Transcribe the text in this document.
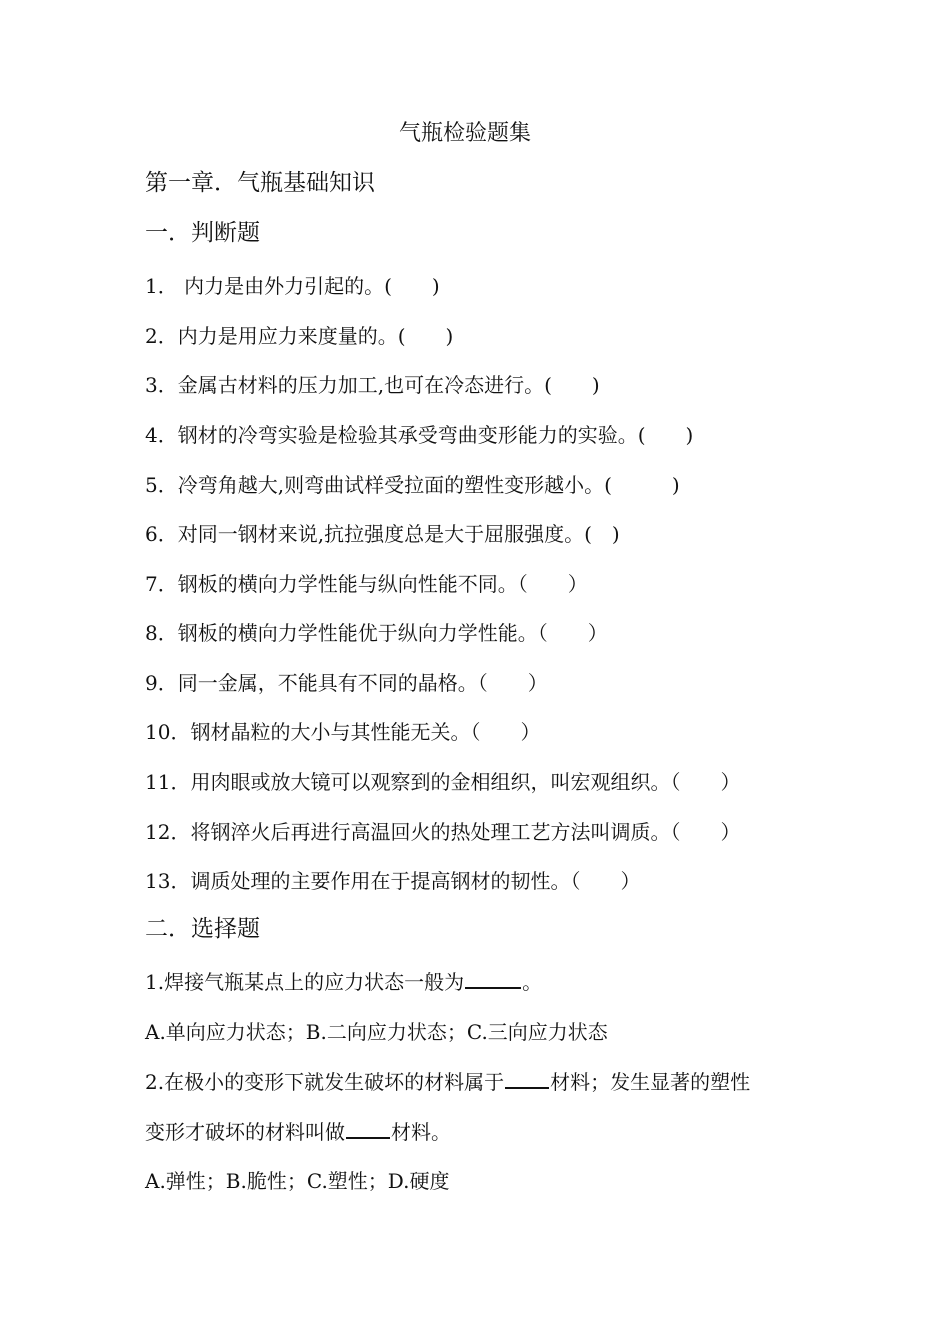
气瓶检验题集
第一章．气瓶基础知识
一．判断题
1． 内力是由外力引起的。(　　)
2．内力是用应力来度量的。(　　)
3．金属古材料的压力加工,也可在冷态进行。(　　)
4．钢材的冷弯实验是检验其承受弯曲变形能力的实验。(　　)
5．冷弯角越大,则弯曲试样受拉面的塑性变形越小。(　　　)
6．对同一钢材来说,抗拉强度总是大于屈服强度。(　)
7．钢板的横向力学性能与纵向性能不同。（　　）
8．钢板的横向力学性能优于纵向力学性能。（　　）
9．同一金属，不能具有不同的晶格。（　　）
10．钢材晶粒的大小与其性能无关。（　　）
11．用肉眼或放大镜可以观察到的金相组织，叫宏观组织。（　　）
12．将钢淬火后再进行高温回火的热处理工艺方法叫调质。（　　）
13．调质处理的主要作用在于提高钢材的韧性。（　　）
二．选择题
1.焊接气瓶某点上的应力状态一般为	。
A.单向应力状态；B.二向应力状态；C.三向应力状态
2.在极小的变形下就发生破坏的材料属于 材料；发生显著的塑性
变形才破坏的材料叫做 材料。
A.弹性；B.脆性；C.塑性；D.硬度
